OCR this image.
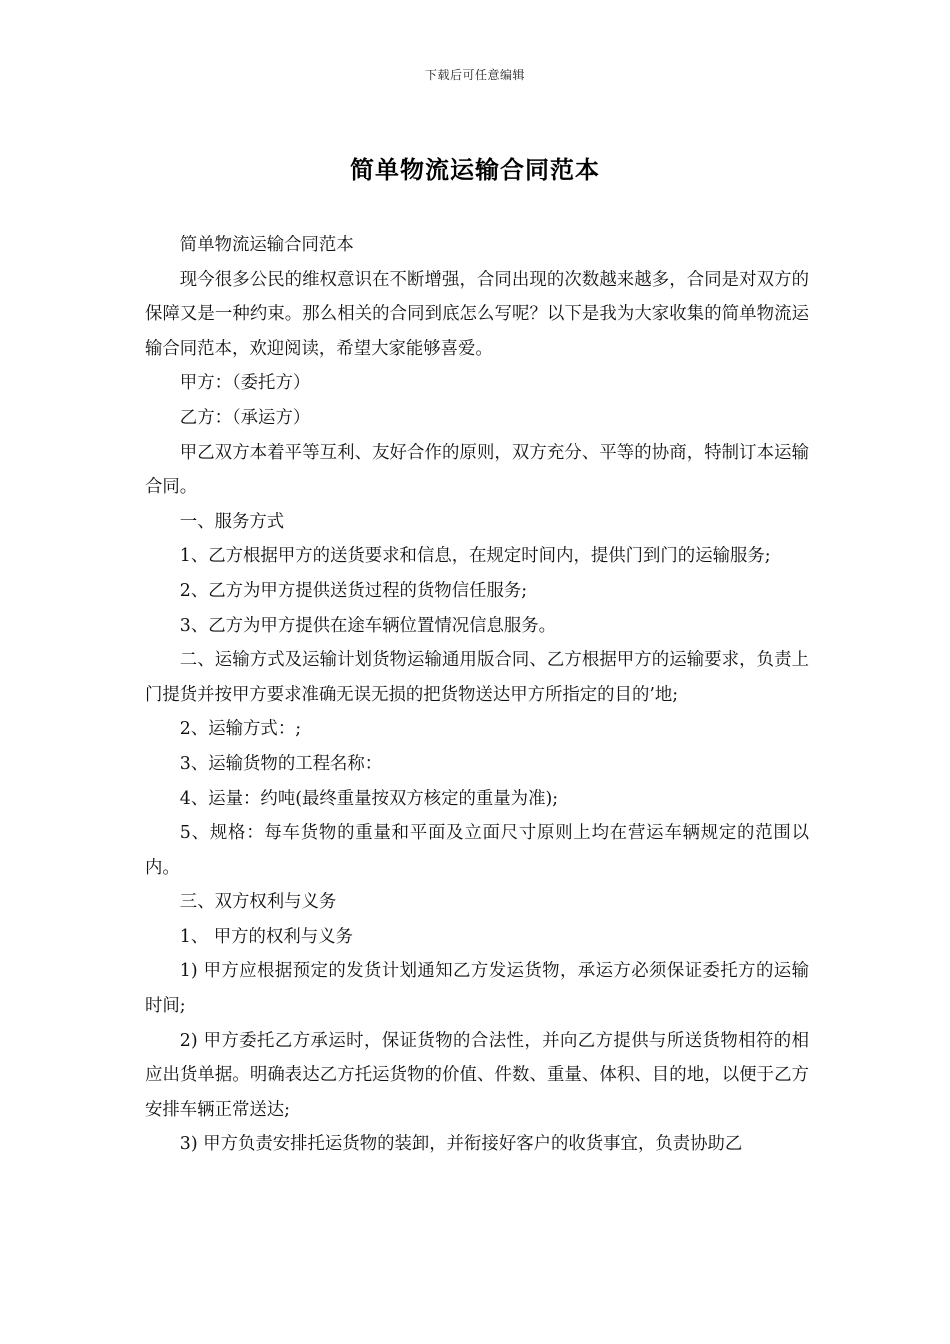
下载后可任意编辑
简单物流运输合同范本

简单物流运输合同范本

现今很多公民的维权意识在不断增强，合同出现的次数越来越多，合同是对双方的保障又是一种约束。那么相关的合同到底怎么写呢？以下是我为大家收集的简单物流运输合同范本，欢迎阅读，希望大家能够喜爱。

甲方：（委托方）

乙方：（承运方）

甲乙双方本着平等互利、友好合作的原则，双方充分、平等的协商，特制订本运输合同。

一、服务方式

1、乙方根据甲方的送货要求和信息，在规定时间内，提供门到门的运输服务;

2、乙方为甲方提供送货过程的货物信任服务;

3、乙方为甲方提供在途车辆位置情况信息服务。

二、运输方式及运输计划货物运输通用版合同、乙方根据甲方的运输要求，负责上门提货并按甲方要求准确无误无损的把货物送达甲方所指定的目的’地;

2、运输方式：;

3、运输货物的工程名称：

4、运量：约吨(最终重量按双方核定的重量为准);

5、规格：每车货物的重量和平面及立面尺寸原则上均在营运车辆规定的范围以内。

三、双方权利与义务

1、 甲方的权利与义务

1) 甲方应根据预定的发货计划通知乙方发运货物，承运方必须保证委托方的运输时间;

2) 甲方委托乙方承运时，保证货物的合法性，并向乙方提供与所送货物相符的相应出货单据。明确表达乙方托运货物的价值、件数、重量、体积、目的地，以便于乙方安排车辆正常送达;

3) 甲方负责安排托运货物的装卸，并衔接好客户的收货事宜，负责协助乙
